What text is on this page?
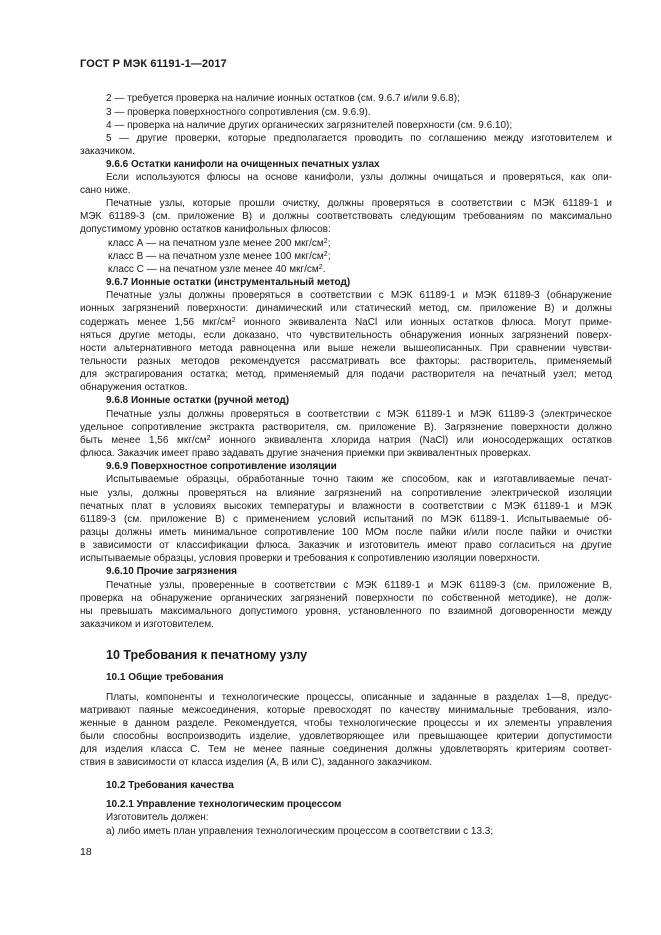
ГОСТ Р МЭК 61191-1—2017
2 — требуется проверка на наличие ионных остатков (см. 9.6.7 и/или 9.6.8);
3 — проверка поверхностного сопротивления (см. 9.6.9).
4 — проверка на наличие других органических загрязнителей поверхности (см. 9.6.10);
5 — другие проверки, которые предполагается проводить по соглашению между изготовителем и
заказчиком.
9.6.6 Остатки канифоли на очищенных печатных узлах
Если используются флюсы на основе канифоли, узлы должны очищаться и проверяться, как опи-
сано ниже.
Печатные узлы, которые прошли очистку, должны проверяться в соответствии с МЭК 61189-1 и
МЭК 61189-3 (см. приложение В) и должны соответствовать следующим требованиям по максимально
допустимому уровню остатков канифольных флюсов:
класс А — на печатном узле менее 200 мкг/$см^2$;
класс В — на печатном узле менее 100 мкг/$см^2$;
класс С — на печатном узле менее 40 мкг/$см^2$.
9.6.7 Ионные остатки (инструментальный метод)
Печатные узлы должны проверяться в соответствии с МЭК 61189-1 и МЭК 61189-3 (обнаружение
ионных загрязнений поверхности: динамический или статический метод, см. приложение В) и должны
содержать менее 1,56 мкг/$см^2$ ионного эквивалента NaCl или ионных остатков флюса. Могут приме-
няться другие методы, если доказано, что чувствительность обнаружения ионных загрязнений поверх-
ности альтернативного метода равноценна или выше нежели вышеописанных. При сравнении чувстви-
тельности разных методов рекомендуется рассматривать все факторы: растворитель, применяемый
для экстрагирования остатка; метод, применяемый для подачи растворителя на печатный узел; метод
обнаружения остатков.
9.6.8 Ионные остатки (ручной метод)
Печатные узлы должны проверяться в соответствии с МЭК 61189-1 и МЭК 61189-3 (электрическое
удельное сопротивление экстракта растворителя, см. приложение В). Загрязнение поверхности должно
быть менее 1,56 мкг/$см^2$ ионного эквивалента хлорида натрия (NaCl) или ионосодержащих остатков
флюса. Заказчик имеет право задавать другие значения приемки при эквивалентных проверках.
9.6.9 Поверхностное сопротивление изоляции
Испытываемые образцы, обработанные точно таким же способом, как и изготавливаемые печат-
ные узлы, должны проверяться на влияние загрязнений на сопротивление электрической изоляции
печатных плат в условиях высоких температуры и влажности в соответствии с МЭК 61189-1 и МЭК
61189-3 (см. приложение В) с применением условий испытаний по МЭК 61189-1. Испытываемые об-
разцы должны иметь минимальное сопротивление 100 МОм после пайки и/или после пайки и очистки
в зависимости от классификации флюса. Заказчик и изготовитель имеют право согласиться на другие
испытываемые образцы, условия проверки и требования к сопротивлению изоляции поверхности.
9.6.10 Прочие загрязнения
Печатные узлы, проверенные в соответствии с МЭК 61189-1 и МЭК 61189-3 (см. приложение В,
проверка на обнаружение органических загрязнений поверхности по собственной методике), не долж-
ны превышать максимального допустимого уровня, установленного по взаимной договоренности между
заказчиком и изготовителем.
10 Требования к печатному узлу
10.1 Общие требования
Платы, компоненты и технологические процессы, описанные и заданные в разделах 1—8, предус-
матривают паяные межсоединения, которые превосходят по качеству минимальные требования, изло-
женные в данном разделе. Рекомендуется, чтобы технологические процессы и их элементы управления
были способны воспроизводить изделие, удовлетворяющее или превышающее критерии допустимости
для изделия класса С. Тем не менее паяные соединения должны удовлетворять критериям соответ-
ствия в зависимости от класса изделия (А, В или С), заданного заказчиком.
10.2 Требования качества
10.2.1 Управление технологическим процессом
Изготовитель должен:
а) либо иметь план управления технологическим процессом в соответствии с 13.3;
18
